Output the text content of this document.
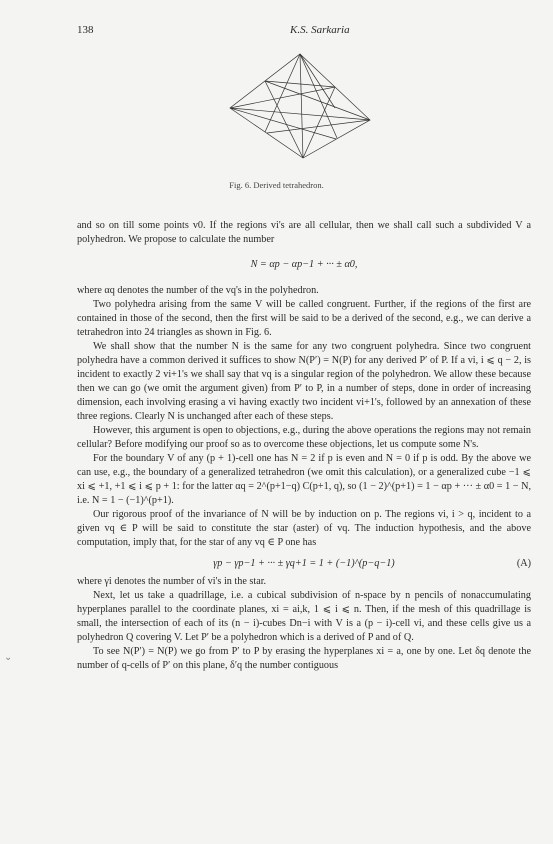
138	K.S. Sarkaria
Fig. 6. Derived tetrahedron.

and so on till some points v0. If the regions vi's are all cellular, then we shall call such a subdivided V a polyhedron. We propose to calculate the number

N = αp − αp−1 + ··· ± α0,

where αq denotes the number of the vq's in the polyhedron.

Two polyhedra arising from the same V will be called congruent. Further, if the regions of the first are contained in those of the second, then the first will be said to be a derived of the second, e.g., we can derive a tetrahedron into 24 triangles as shown in Fig. 6.

We shall show that the number N is the same for any two congruent polyhedra. Since two congruent polyhedra have a common derived it suffices to show N(P′) = N(P) for any derived P′ of P. If a vi, i ⩽ q − 2, is incident to exactly 2 vi+1's we shall say that vq is a singular region of the polyhedron. We allow these because then we can go (we omit the argument given) from P′ to P, in a number of steps, done in order of increasing dimension, each involving erasing a vi having exactly two incident vi+1's, followed by an annexation of these three regions. Clearly N is unchanged after each of these steps.

However, this argument is open to objections, e.g., during the above operations the regions may not remain cellular? Before modifying our proof so as to overcome these objections, let us compute some N's.

For the boundary V of any (p + 1)-cell one has N = 2 if p is even and N = 0 if p is odd. By the above we can use, e.g., the boundary of a generalized tetrahedron (we omit this calculation), or a generalized cube −1 ⩽ xi ⩽ +1, +1 ⩽ i ⩽ p + 1: for the latter αq = 2^(p+1−q) C(p+1, q), so (1 − 2)^(p+1) = 1 − αp + ··· ± α0 = 1 − N, i.e. N = 1 − (−1)^(p+1).

Our rigorous proof of the invariance of N will be by induction on p. The regions vi, i > q, incident to a given vq ∈ P will be said to constitute the star (aster) of vq. The induction hypothesis, and the above computation, imply that, for the star of any vq ∈ P one has

γp − γp−1 + ··· ± γq+1 = 1 + (−1)^(p−q−1)	(A)

where γi denotes the number of vi's in the star.

Next, let us take a quadrillage, i.e. a cubical subdivision of n-space by n pencils of nonaccumulating hyperplanes parallel to the coordinate planes, xi = ai,k, 1 ⩽ i ⩽ n. Then, if the mesh of this quadrillage is small, the intersection of each of its (n − i)-cubes Dn−i with V is a (p − i)-cell vi, and these cells give us a polyhedron Q covering V. Let P′ be a polyhedron which is a derived of P and of Q.

To see N(P′) = N(P) we go from P′ to P by erasing the hyperplanes xi = a, one by one. Let δq denote the number of q-cells of P′ on this plane, δ′q the number contiguous

⌄
